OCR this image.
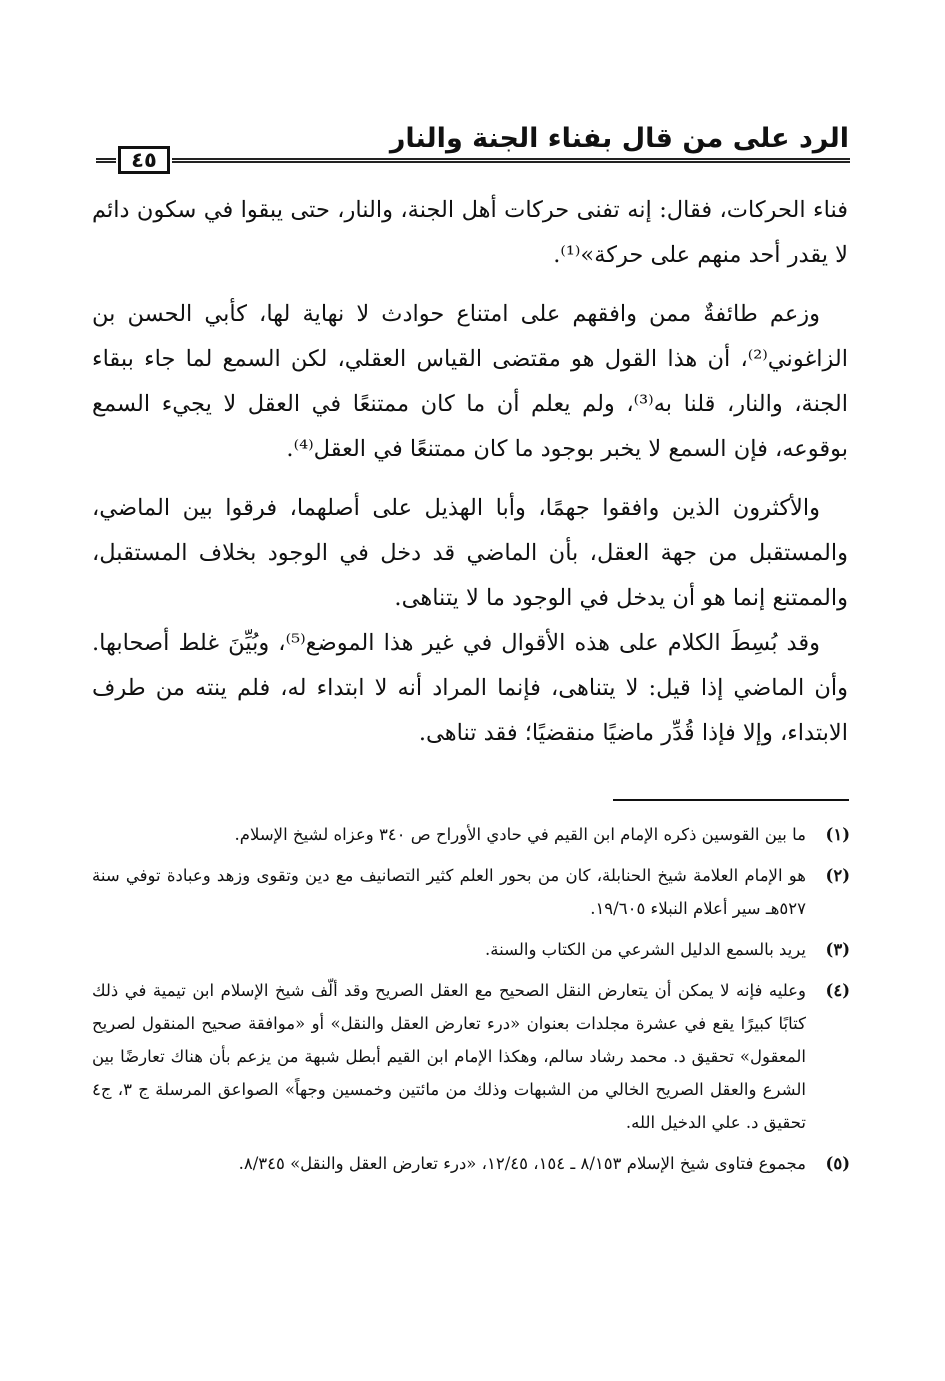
الرد على من قال بفناء الجنة والنار
٤٥

فناء الحركات، فقال: إنه تفنى حركات أهل الجنة، والنار، حتى يبقوا في سكون دائم لا يقدر أحد منهم على حركة»⁽¹⁾.

وزعم طائفةٌ ممن وافقهم على امتناع حوادث لا نهاية لها، كأبي الحسن بن الزاغوني⁽²⁾، أن هذا القول هو مقتضى القياس العقلي، لكن السمع لما جاء ببقاء الجنة، والنار، قلنا به⁽³⁾، ولم يعلم أن ما كان ممتنعًا في العقل لا يجيء السمع بوقوعه، فإن السمع لا يخبر بوجود ما كان ممتنعًا في العقل⁽⁴⁾.

والأكثرون الذين وافقوا جهمًا، وأبا الهذيل على أصلهما، فرقوا بين الماضي، والمستقبل من جهة العقل، بأن الماضي قد دخل في الوجود بخلاف المستقبل، والممتنع إنما هو أن يدخل في الوجود ما لا يتناهى.

وقد بُسِطَ الكلام على هذه الأقوال في غير هذا الموضع⁽⁵⁾، وبُيِّنَ غلط أصحابها. وأن الماضي إذا قيل: لا يتناهى، فإنما المراد أنه لا ابتداء له، فلم ينته من طرف الابتداء، وإلا فإذا قُدِّر ماضيًا منقضيًا؛ فقد تناهى.

(١)
ما بين القوسين ذكره الإمام ابن القيم في حادي الأوراح ص ٣٤٠ وعزاه لشيخ الإسلام.
(٢)
هو الإمام العلامة شيخ الحنابلة، كان من بحور العلم كثير التصانيف مع دين وتقوى وزهد وعبادة توفي سنة ٥٢٧هـ سير أعلام النبلاء ١٩/٦٠٥.
(٣)
يريد بالسمع الدليل الشرعي من الكتاب والسنة.
(٤)
وعليه فإنه لا يمكن أن يتعارض النقل الصحيح مع العقل الصريح وقد ألّف شيخ الإسلام ابن تيمية في ذلك كتابًا كبيرًا يقع في عشرة مجلدات بعنوان «درء تعارض العقل والنقل» أو «موافقة صحيح المنقول لصريح المعقول» تحقيق د. محمد رشاد سالم، وهكذا الإمام ابن القيم أبطل شبهة من يزعم بأن هناك تعارضًا بين الشرع والعقل الصريح الخالي من الشبهات وذلك من مائتين وخمسين وجهاً» الصواعق المرسلة ج ٣، ج٤ تحقيق د. علي الدخيل الله.
(٥)
مجموع فتاوى شيخ الإسلام ٨/١٥٣ ـ ١٥٤، ١٢/٤٥، «درء تعارض العقل والنقل» ٨/٣٤٥.
